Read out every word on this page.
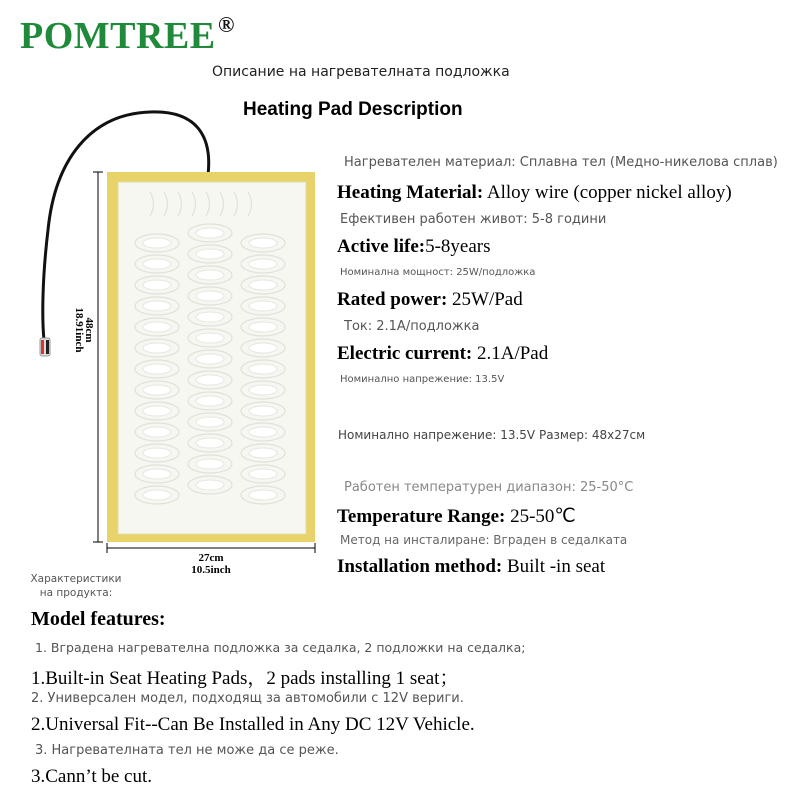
POMTREE ®
Описание на нагревателната подложка
Heating Pad Description
48cm
18.91inch
27cm
10.5inch
Нагревателен материал: Сплавна тел (Медно-никелова сплав)
Heating Material: Alloy wire (copper nickel alloy)
Ефективен работен живот: 5-8 години
Active life:5-8years
Номинална мощност: 25W/подложка
Rated power: 25W/Pad
Ток: 2.1A/подложка
Electric current: 2.1A/Pad
Номинално напрежение: 13.5V
Номинално напрежение: 13.5V Размер: 48x27см
Работен температурен диапазон: 25-50°C
Temperature Range: 25-50℃
Метод на инсталиране: Вграден в седалката
Installation method: Built -in seat
Характеристики на продукта:
Model features:
1. Вградена нагревателна подложка за седалка, 2 подложки на седалка;
1.Built-in Seat Heating Pads，2 pads installing 1 seat；
2. Универсален модел, подходящ за автомобили с 12V вериги.
2.Universal Fit--Can Be Installed in Any DC 12V Vehicle.
3. Нагревателната тел не може да се реже.
3.Cann’t be cut.
